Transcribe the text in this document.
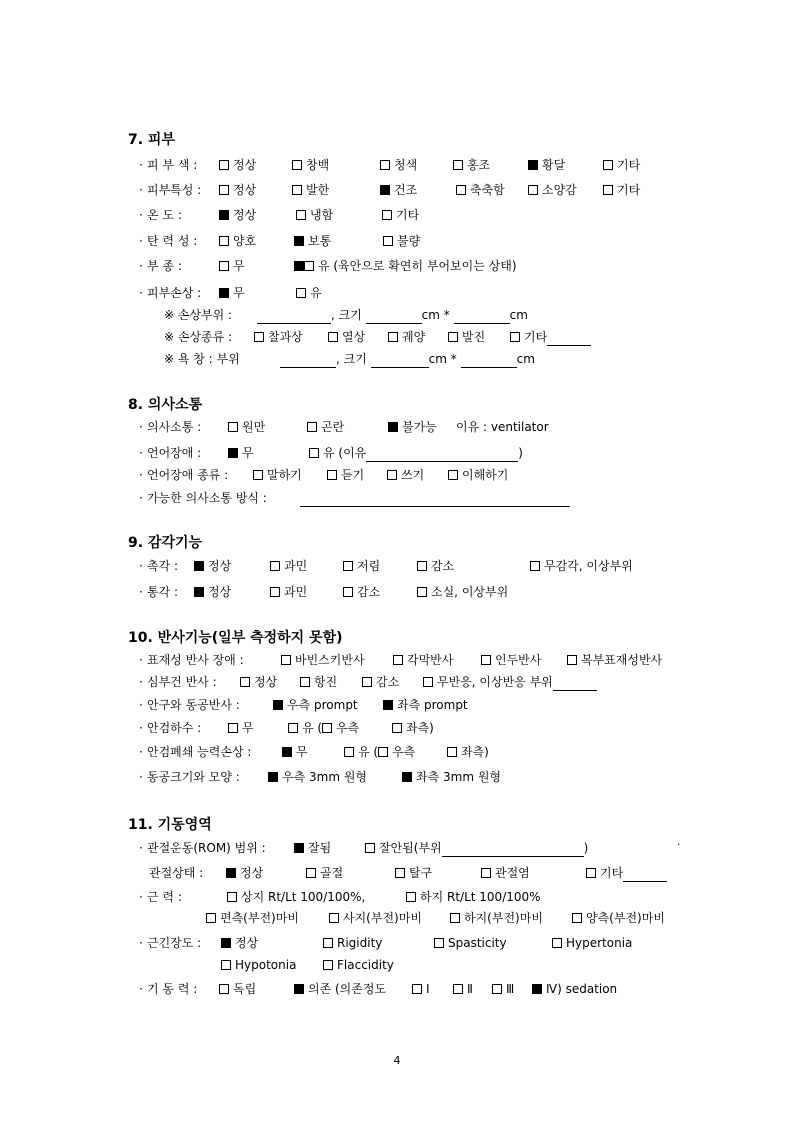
7. 피부
· 피 부 색 :	정상	창백	청색	홍조	황달	기타
· 피부특성 :	정상	발한	건조	축축함	소양감	기타
· 온 도 :	정상	냉함	기타
· 탄 력 성 :	양호	보통	불량
· 부 종 :	무	유 (육안으로 확연히 부어보이는 상태)
· 피부손상 :	무	유
※ 손상부위 :	, 크기	cm *	cm
※ 손상종류 :	찰과상	열상	궤양	발진	기타
※ 욕 창 : 부위	, 크기	cm *	cm
8. 의사소통
· 의사소통 :	원만	곤란	불가능 이유 : ventilator
· 언어장애 :	무	유 (이유	)
· 언어장애 종류 :	말하기	듣기	쓰기	이해하기
· 가능한 의사소통 방식 :
9. 감각기능
· 촉각 :	정상	과민	저림	감소	무감각, 이상부위
· 통각 :	정상	과민	감소	소실, 이상부위
10. 반사기능(일부 측정하지 못함)
· 표재성 반사 장애 :	바빈스키반사	각막반사	인두반사	복부표재성반사
· 심부건 반사 :	정상	항진	감소	무반응, 이상반응 부위
· 안구와 동공반사 :	우측 prompt	좌측 prompt
· 안검하수 :	무	유 ( 우측	좌측)
· 안검폐쇄 능력손상 :	무	유 ( 우측	좌측)
· 동공크기와 모양 :	우측 3mm 원형	좌측 3mm 원형
11. 기동영역
· 관절운동(ROM) 범위 :	잘됨	잘안됨(부위	)	·
관절상태 :	정상	골절	탈구	관절염	기타
· 근 력 :	상지 Rt/Lt 100/100%,	하지 Rt/Lt 100/100%
편측(부전)마비	사지(부전)마비	하지(부전)마비	양측(부전)마비
· 근긴장도 :	정상	Rigidity	Spasticity	Hypertonia
Hypotonia	Flaccidity
· 기 동 력 :	독립	의존 (의존정도	Ⅰ	Ⅱ	Ⅲ	Ⅳ) sedation
4
